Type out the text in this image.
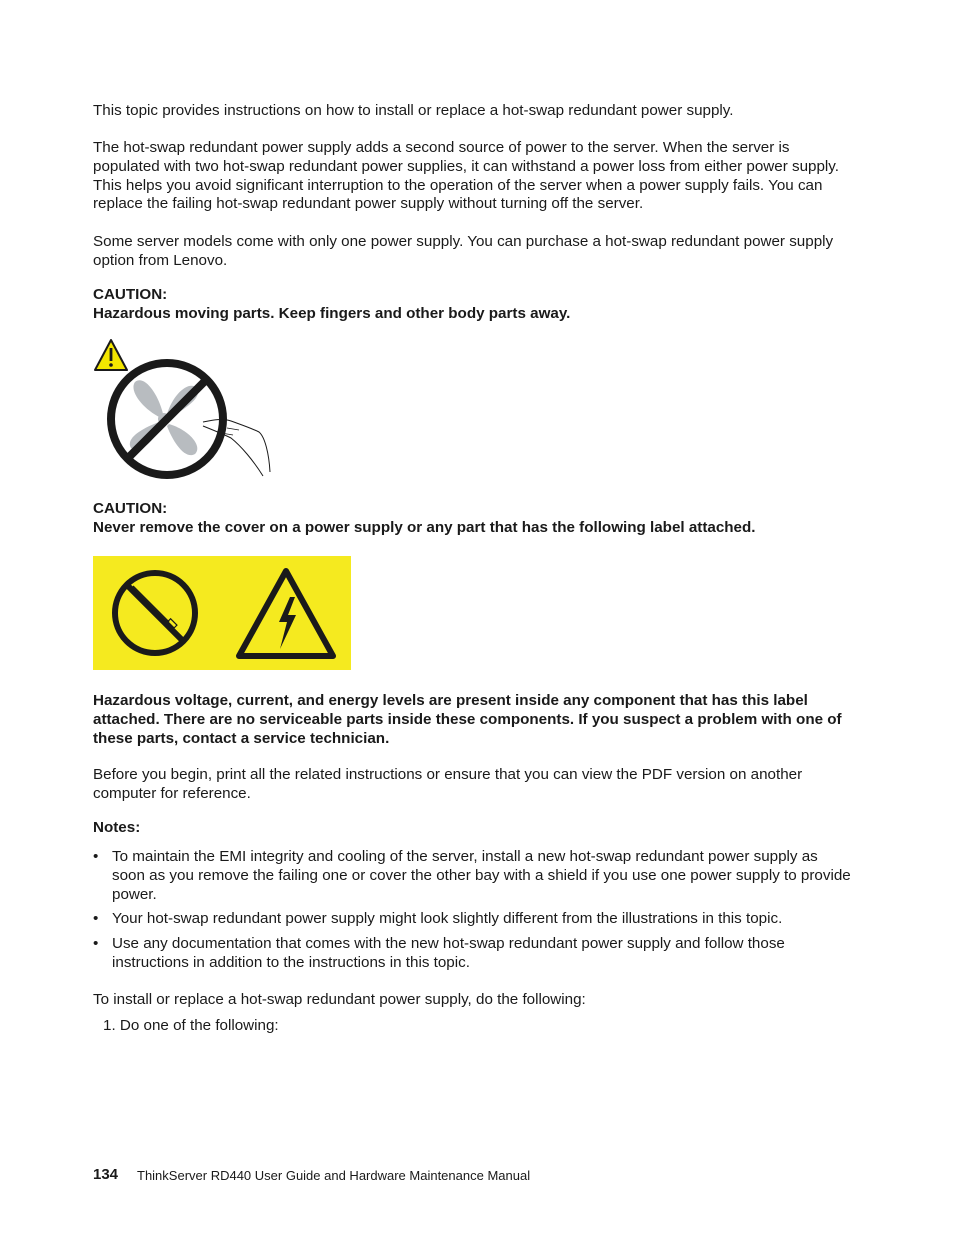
This topic provides instructions on how to install or replace a hot-swap redundant power supply.

The hot-swap redundant power supply adds a second source of power to the server. When the server is populated with two hot-swap redundant power supplies, it can withstand a power loss from either power supply. This helps you avoid significant interruption to the operation of the server when a power supply fails. You can replace the failing hot-swap redundant power supply without turning off the server.

Some server models come with only one power supply. You can purchase a hot-swap redundant power supply option from Lenovo.

CAUTION:

Hazardous moving parts. Keep fingers and other body parts away.

CAUTION:

Never remove the cover on a power supply or any part that has the following label attached.

Hazardous voltage, current, and energy levels are present inside any component that has this label attached. There are no serviceable parts inside these components. If you suspect a problem with one of these parts, contact a service technician.

Before you begin, print all the related instructions or ensure that you can view the PDF version on another computer for reference.

Notes:

• To maintain the EMI integrity and cooling of the server, install a new hot-swap redundant power supply as soon as you remove the failing one or cover the other bay with a shield if you use one power supply to provide power.
• Your hot-swap redundant power supply might look slightly different from the illustrations in this topic.
• Use any documentation that comes with the new hot-swap redundant power supply and follow those instructions in addition to the instructions in this topic.

To install or replace a hot-swap redundant power supply, do the following:

1. Do one of the following:
134 ThinkServer RD440 User Guide and Hardware Maintenance Manual
